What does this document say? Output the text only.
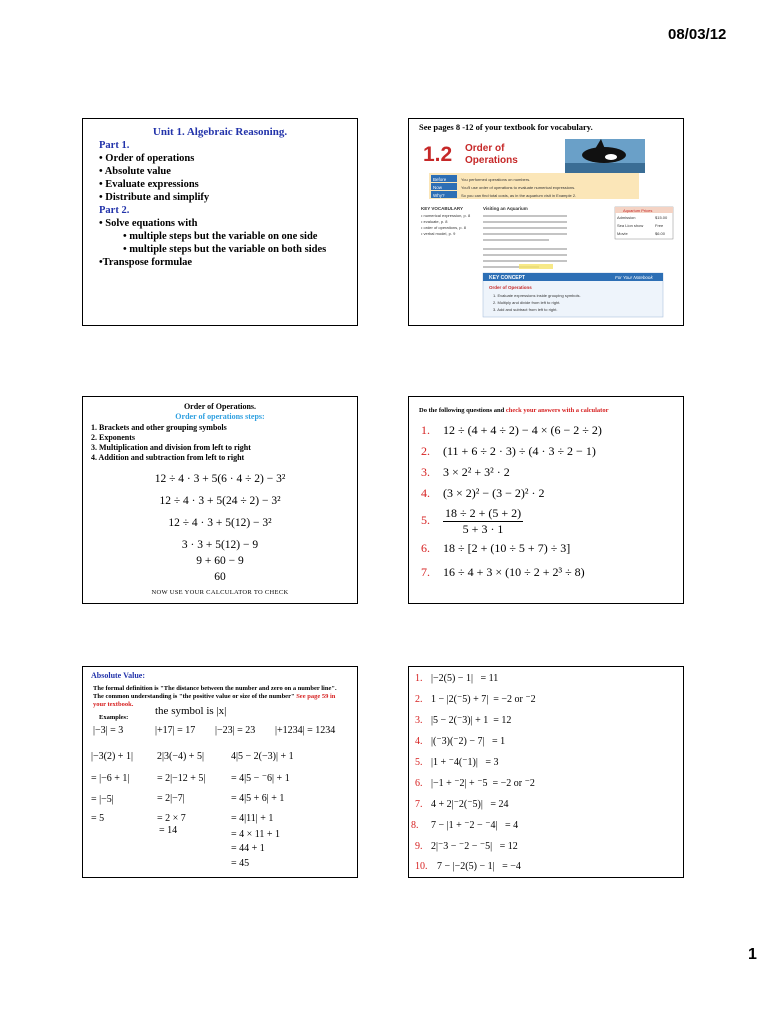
08/03/12
Unit 1. Algebraic Reasoning.
Part 1.
• Order of operations
• Absolute value
• Evaluate expressions
• Distribute and simplify
Part 2.
• Solve equations with
• multiple steps but the variable on one side
• multiple steps but the variable on both sides
•Transpose formulae
See pages 8 -12 of your textbook for vocabulary.
1.2 Order of
Operations
Before
Now
Why?
You performed operations on numbers.
You'll use order of operations to evaluate numerical expressions.
So you can find total costs, as in the aquarium visit in Example 2.
KEY VOCABULARY
• numerical expression, p. 8
• evaluate, p. 8
• order of operations, p. 8
• verbal model, p. 9
Visiting an Aquarium	Aquarium Prices
Admission	$15.00
Sea Lion show	Free
Movie	$6.00
KEY CONCEPT	For Your Notebook
Order of Operations
1. Evaluate expressions inside grouping symbols.
2. Multiply and divide from left to right.
3. Add and subtract from left to right.
Order of Operations.
Order of operations steps:
1. Brackets and other grouping symbols
2. Exponents
3. Multiplication and division from left to right
4. Addition and subtraction from left to right
12 ÷ 4 · 3 + 5(6 · 4 ÷ 2) − 3²
12 ÷ 4 · 3 + 5(24 ÷ 2) − 3²
12 ÷ 4 · 3 + 5(12) − 3²
3 · 3 + 5(12) − 9
9 + 60 − 9
60
NOW USE YOUR CALCULATOR TO CHECK
Do the following questions and check your answers with a calculator
1. 12 ÷ (4 + 4 ÷ 2) − 4 × (6 − 2 ÷ 2)
2. (11 + 6 ÷ 2 · 3) ÷ (4 · 3 ÷ 2 − 1)
3. 3 × 2² + 3² · 2
4. (3 × 2)² − (3 − 2)² · 2
5. $\frac{18 \div 2 + (5 + 2)}{5 + 3 \cdot 1}$
6. 18 ÷ [2 + (10 ÷ 5 + 7) ÷ 3]
7. 16 ÷ 4 + 3 × (10 ÷ 2 + 2³ ÷ 8)
Absolute Value:
The formal definition is "The distance between the number and zero on a number line".
The common understanding is "the positive value or size of the number" See page 59 in
your textbook.
Examples:
the symbol is |x|
|−3| = 3	|+17| = 17 |−23| = 23 |+1234| = 1234
|−3(2) + 1|
= |−6 + 1|
= |−5|
= 5
2|3(−4) + 5|
= 2|−12 + 5|
= 2|−7|
= 2 × 7
= 14
4|5 − 2(−3)| + 1
= 4|5 − ⁻6| + 1
= 4|5 + 6| + 1
= 4|11| + 1
= 4 × 11 + 1
= 44 + 1
= 45
1. |−2(5) − 1| = 11
2. 1 − |2(⁻5) + 7| = −2 or ⁻2
3. |5 − 2(⁻3)| + 1 = 12
4. |(⁻3)(⁻2) − 7| = 1
5. |1 + ⁻4(⁻1)| = 3
6. |−1 + ⁻2| + ⁻5 = −2 or ⁻2
7. 4 + 2|⁻2(⁻5)| = 24
8. 7 − |1 + ⁻2 − ⁻4| = 4
9. 2|⁻3 − ⁻2 − ⁻5| = 12
10. 7 − |−2(5) − 1| = −4
1
